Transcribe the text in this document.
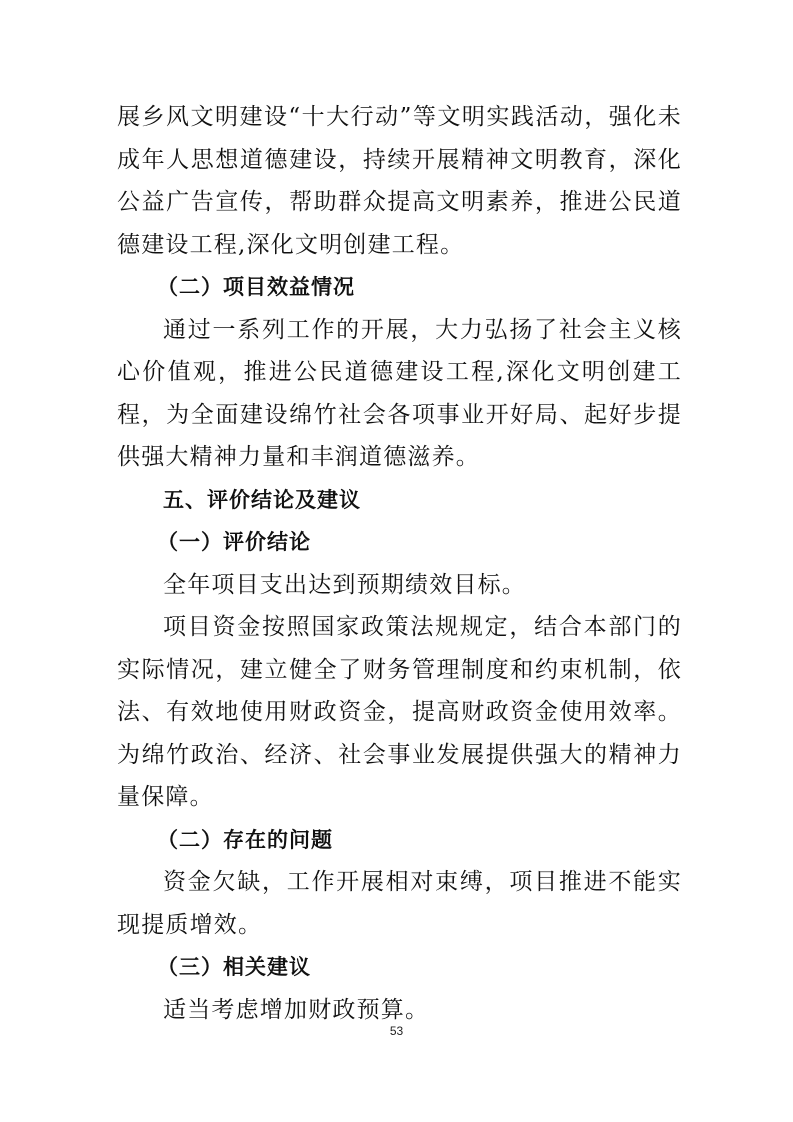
展乡风文明建设“十大行动”等文明实践活动，强化未成年人思想道德建设，持续开展精神文明教育，深化公益广告宣传，帮助群众提高文明素养，推进公民道德建设工程,深化文明创建工程。

（二）项目效益情况

通过一系列工作的开展，大力弘扬了社会主义核心价值观，推进公民道德建设工程,深化文明创建工程，为全面建设绵竹社会各项事业开好局、起好步提供强大精神力量和丰润道德滋养。

五、评价结论及建议

（一）评价结论

全年项目支出达到预期绩效目标。

项目资金按照国家政策法规规定，结合本部门的实际情况，建立健全了财务管理制度和约束机制，依法、有效地使用财政资金，提高财政资金使用效率。为绵竹政治、经济、社会事业发展提供强大的精神力量保障。

（二）存在的问题

资金欠缺，工作开展相对束缚，项目推进不能实现提质增效。

（三）相关建议

适当考虑增加财政预算。

53
